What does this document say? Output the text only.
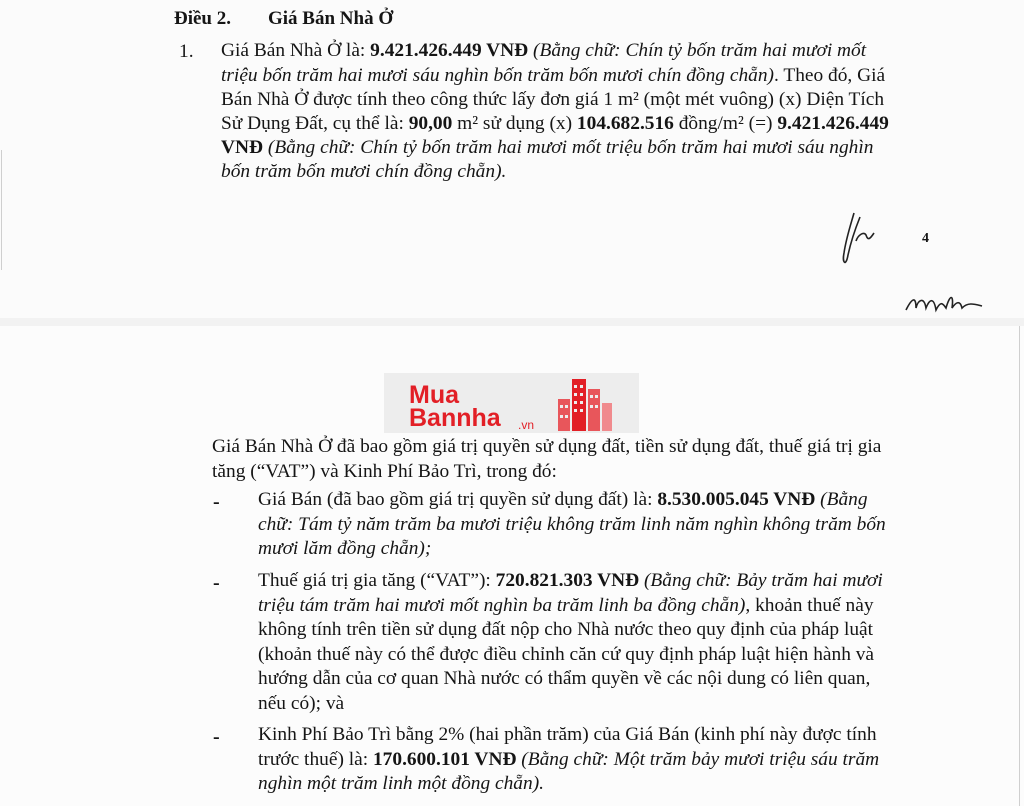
Điều 2. Giá Bán Nhà Ở
1. Giá Bán Nhà Ở là: 9.421.426.449 VNĐ (Bằng chữ: Chín tỷ bốn trăm hai mươi mốt
triệu bốn trăm hai mươi sáu nghìn bốn trăm bốn mươi chín đồng chẵn). Theo đó, Giá
Bán Nhà Ở được tính theo công thức lấy đơn giá 1 m² (một mét vuông) (x) Diện Tích
Sử Dụng Đất, cụ thể là: 90,00 m² sử dụng (x) 104.682.516 đồng/m² (=) 9.421.426.449
VNĐ (Bằng chữ: Chín tỷ bốn trăm hai mươi mốt triệu bốn trăm hai mươi sáu nghìn
bốn trăm bốn mươi chín đồng chẵn).
4
Mua
Bannha .vn
Giá Bán Nhà Ở đã bao gồm giá trị quyền sử dụng đất, tiền sử dụng đất, thuế giá trị gia
tăng (“VAT”) và Kinh Phí Bảo Trì, trong đó:
- Giá Bán (đã bao gồm giá trị quyền sử dụng đất) là: 8.530.005.045 VNĐ (Bằng
chữ: Tám tỷ năm trăm ba mươi triệu không trăm linh năm nghìn không trăm bốn
mươi lăm đồng chẵn);
- Thuế giá trị gia tăng (“VAT”): 720.821.303 VNĐ (Bằng chữ: Bảy trăm hai mươi
triệu tám trăm hai mươi mốt nghìn ba trăm linh ba đồng chẵn), khoản thuế này
không tính trên tiền sử dụng đất nộp cho Nhà nước theo quy định của pháp luật
(khoản thuế này có thể được điều chỉnh căn cứ quy định pháp luật hiện hành và
hướng dẫn của cơ quan Nhà nước có thẩm quyền về các nội dung có liên quan,
nếu có); và
- Kinh Phí Bảo Trì bằng 2% (hai phần trăm) của Giá Bán (kinh phí này được tính
trước thuế) là: 170.600.101 VNĐ (Bằng chữ: Một trăm bảy mươi triệu sáu trăm
nghìn một trăm linh một đồng chẵn).
